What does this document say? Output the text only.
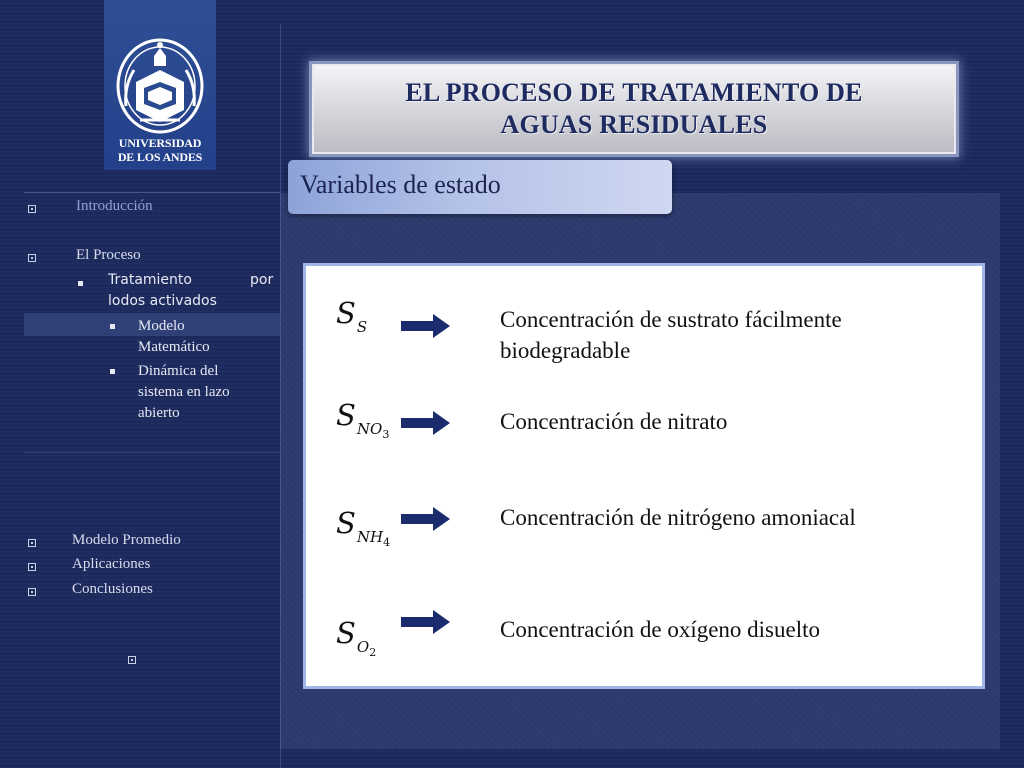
UNIVERSIDAD
DE LOS ANDES
EL PROCESO DE TRATAMIENTO DE
AGUAS RESIDUALES
Variables de estado
Introducción
El Proceso
Tratamiento	por
lodos activados
Modelo
Matemático
Dinámica del
sistema en lazo
abierto
Modelo Promedio
Aplicaciones
Conclusiones
SS	Concentración de sustrato fácilmente
biodegradable
$SNO_3$
Concentración de nitrato
$SNH_4$
Concentración de nitrógeno amoniacal
$SO_2$
Concentración de oxígeno disuelto
